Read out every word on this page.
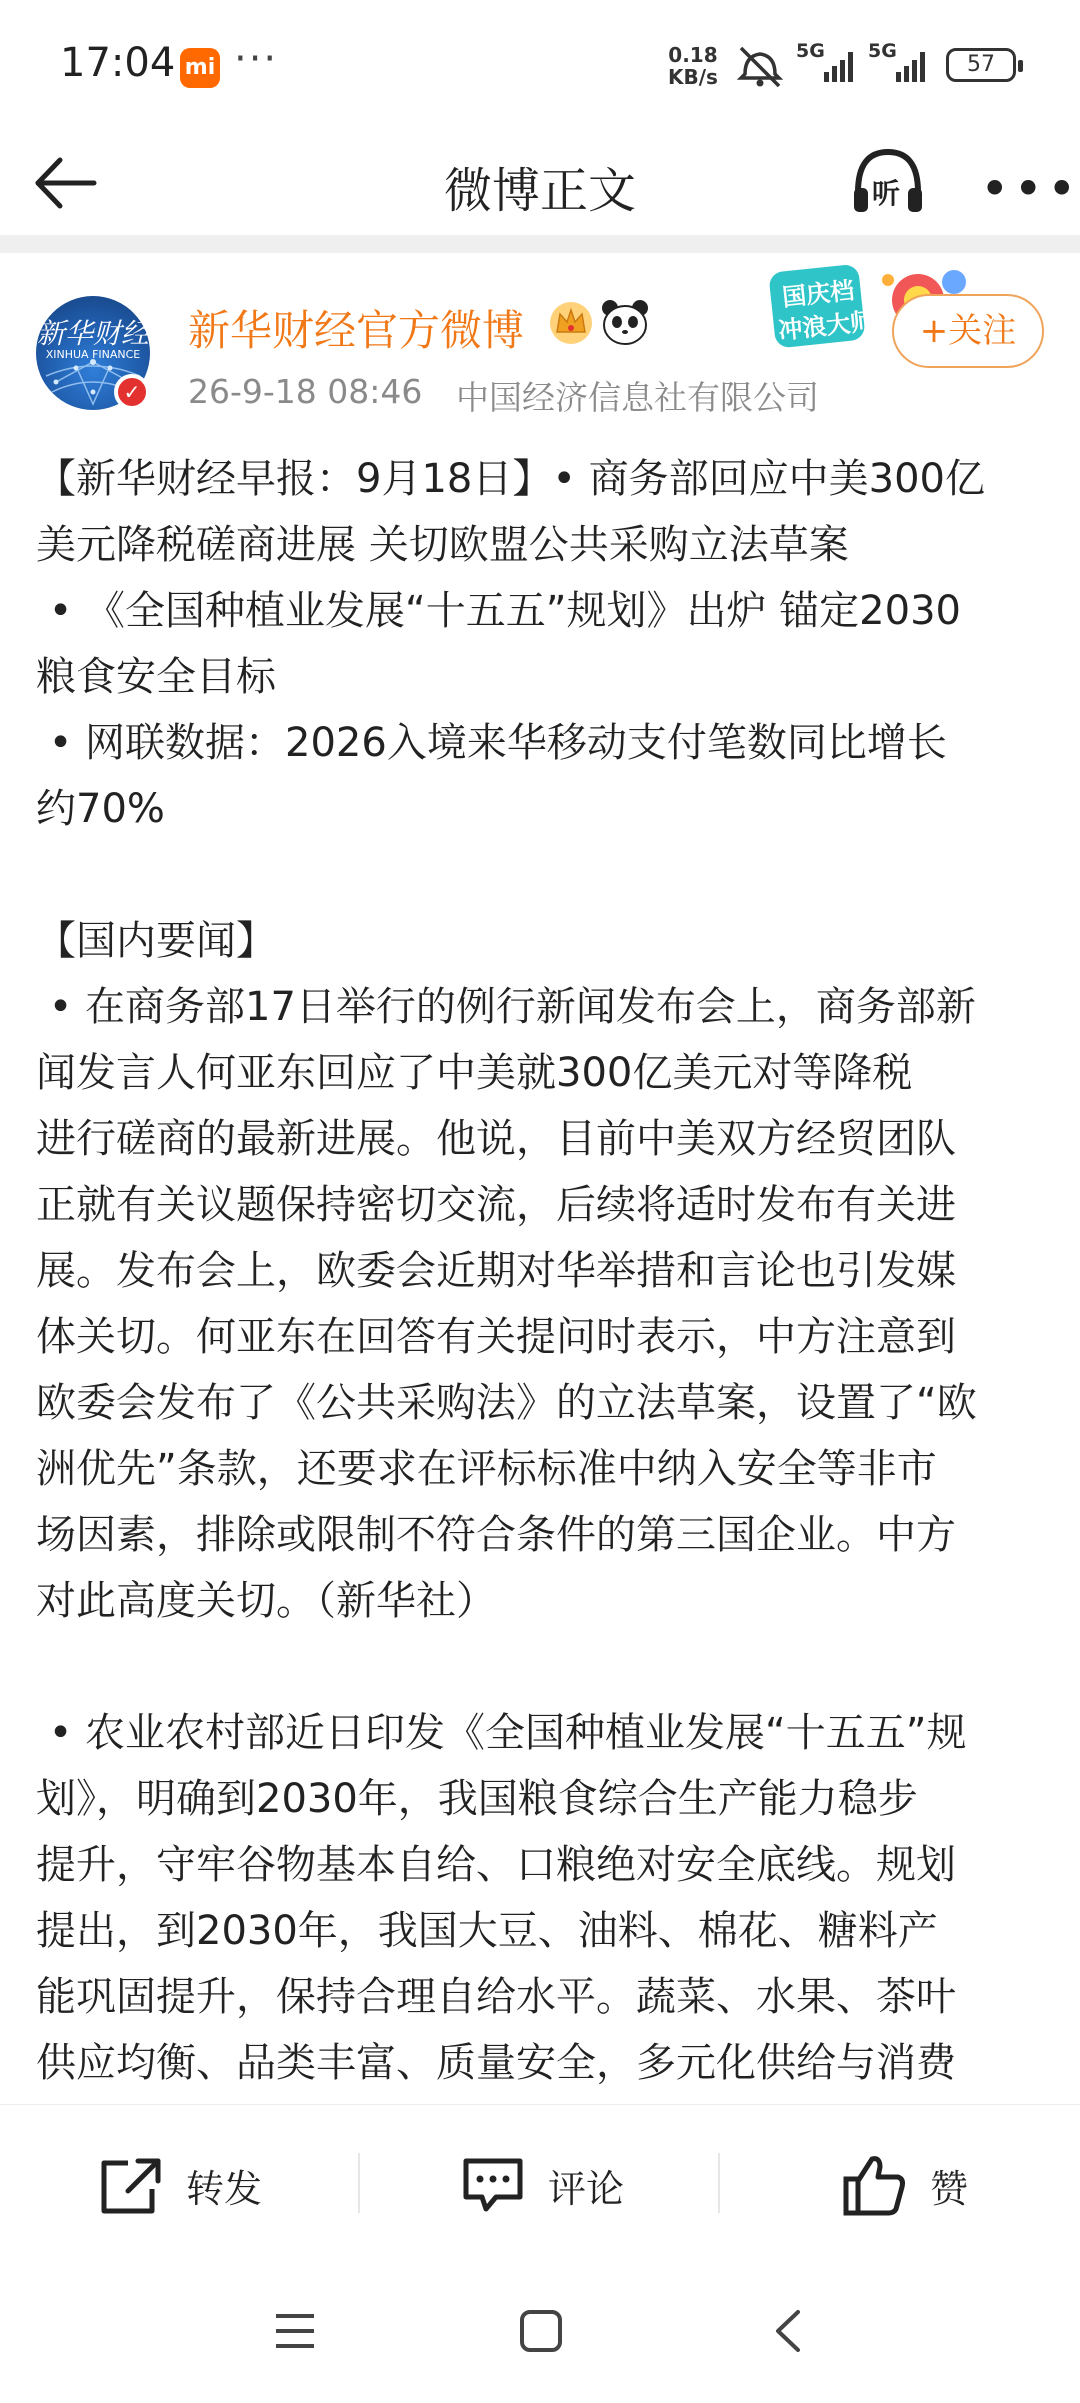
17:04 mi ···	0.18
KB/s
5G 5G
57
微博正文	听 •••
新华财经
XINHUA FINANCE
✓
新华财经官方微博
26-9-18 08:46 中国经济信息社有限公司
国庆档
冲浪大师	+关注
【新华财经早报：9月18日】• 商务部回应中美300亿
美元降税磋商进展 关切欧盟公共采购立法草案
• 《全国种植业发展“十五五”规划》出炉 锚定2030
粮食安全目标
• 网联数据：2026入境来华移动支付笔数同比增长
约70%
【国内要闻】
• 在商务部17日举行的例行新闻发布会上，商务部新
闻发言人何亚东回应了中美就300亿美元对等降税
进行磋商的最新进展。他说，目前中美双方经贸团队
正就有关议题保持密切交流，后续将适时发布有关进
展。发布会上，欧委会近期对华举措和言论也引发媒
体关切。何亚东在回答有关提问时表示，中方注意到
欧委会发布了《公共采购法》的立法草案，设置了“欧
洲优先”条款，还要求在评标标准中纳入安全等非市
场因素，排除或限制不符合条件的第三国企业。中方
对此高度关切。（新华社）
• 农业农村部近日印发《全国种植业发展“十五五”规
划》，明确到2030年，我国粮食综合生产能力稳步
提升，守牢谷物基本自给、口粮绝对安全底线。规划
提出，到2030年，我国大豆、油料、棉花、糖料产
能巩固提升，保持合理自给水平。蔬菜、水果、茶叶
供应均衡、品类丰富、质量安全，多元化供给与消费
转发	评论	赞
